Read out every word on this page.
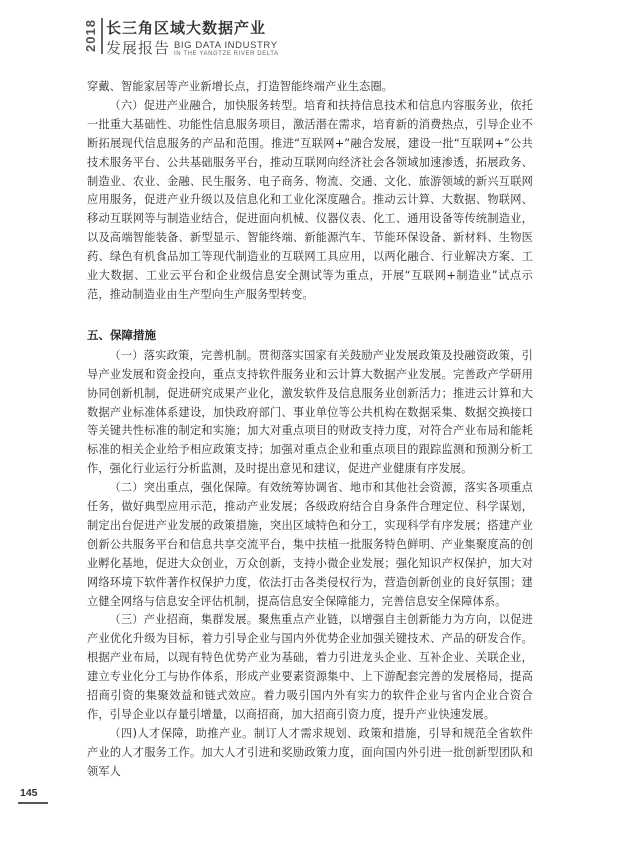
2018 长三角区域大数据产业
发展报告 BIG DATA INDUSTRY
IN THE YANGTZE RIVER DELTA

穿戴、智能家居等产业新增长点，打造智能终端产业生态圈。

（六）促进产业融合，加快服务转型。培育和扶持信息技术和信息内容服务业，依托一批重大基础性、功能性信息服务项目，激活潜在需求，培育新的消费热点，引导企业不断拓展现代信息服务的产品和范围。推进“互联网+”融合发展，建设一批“互联网+”公共技术服务平台、公共基础服务平台，推动互联网向经济社会各领域加速渗透，拓展政务、制造业、农业、金融、民生服务、电子商务、物流、交通、文化、旅游领域的新兴互联网应用服务，促进产业升级以及信息化和工业化深度融合。推动云计算、大数据、物联网、移动互联网等与制造业结合，促进面向机械、仪器仪表、化工、通用设备等传统制造业，以及高端智能装备、新型显示、智能终端、新能源汽车、节能环保设备、新材料、生物医药、绿色有机食品加工等现代制造业的互联网工具应用，以两化融合、行业解决方案、工业大数据、工业云平台和企业级信息安全测试等为重点，开展“互联网+制造业”试点示范，推动制造业由生产型向生产服务型转变。

五、保障措施

（一）落实政策，完善机制。贯彻落实国家有关鼓励产业发展政策及投融资政策，引导产业发展和资金投向，重点支持软件服务业和云计算大数据产业发展。完善政产学研用协同创新机制，促进研究成果产业化，激发软件及信息服务业创新活力；推进云计算和大数据产业标准体系建设，加快政府部门、事业单位等公共机构在数据采集、数据交换接口等关键共性标准的制定和实施；加大对重点项目的财政支持力度，对符合产业布局和能耗标准的相关企业给予相应政策支持；加强对重点企业和重点项目的跟踪监测和预测分析工作，强化行业运行分析监测，及时提出意见和建议，促进产业健康有序发展。

（二）突出重点，强化保障。有效统筹协调省、地市和其他社会资源，落实各项重点任务，做好典型应用示范，推动产业发展；各级政府结合自身条件合理定位、科学谋划，制定出台促进产业发展的政策措施，突出区域特色和分工，实现科学有序发展；搭建产业创新公共服务平台和信息共享交流平台，集中扶植一批服务特色鲜明、产业集聚度高的创业孵化基地，促进大众创业，万众创新，支持小微企业发展；强化知识产权保护，加大对网络环境下软件著作权保护力度，依法打击各类侵权行为，营造创新创业的良好氛围；建立健全网络与信息安全评估机制，提高信息安全保障能力，完善信息安全保障体系。

（三）产业招商，集群发展。聚焦重点产业链，以增强自主创新能力为方向，以促进产业优化升级为目标，着力引导企业与国内外优势企业加强关键技术、产品的研发合作。根据产业布局，以现有特色优势产业为基础，着力引进龙头企业、互补企业、关联企业，建立专业化分工与协作体系，形成产业要素资源集中、上下游配套完善的发展格局，提高招商引资的集聚效益和链式效应。着力吸引国内外有实力的软件企业与省内企业合资合作，引导企业以存量引增量，以商招商，加大招商引资力度，提升产业快速发展。

（四)人才保障，助推产业。制订人才需求规划、政策和措施，引导和规范全省软件产业的人才服务工作。加大人才引进和奖励政策力度，面向国内外引进一批创新型团队和领军人

145
